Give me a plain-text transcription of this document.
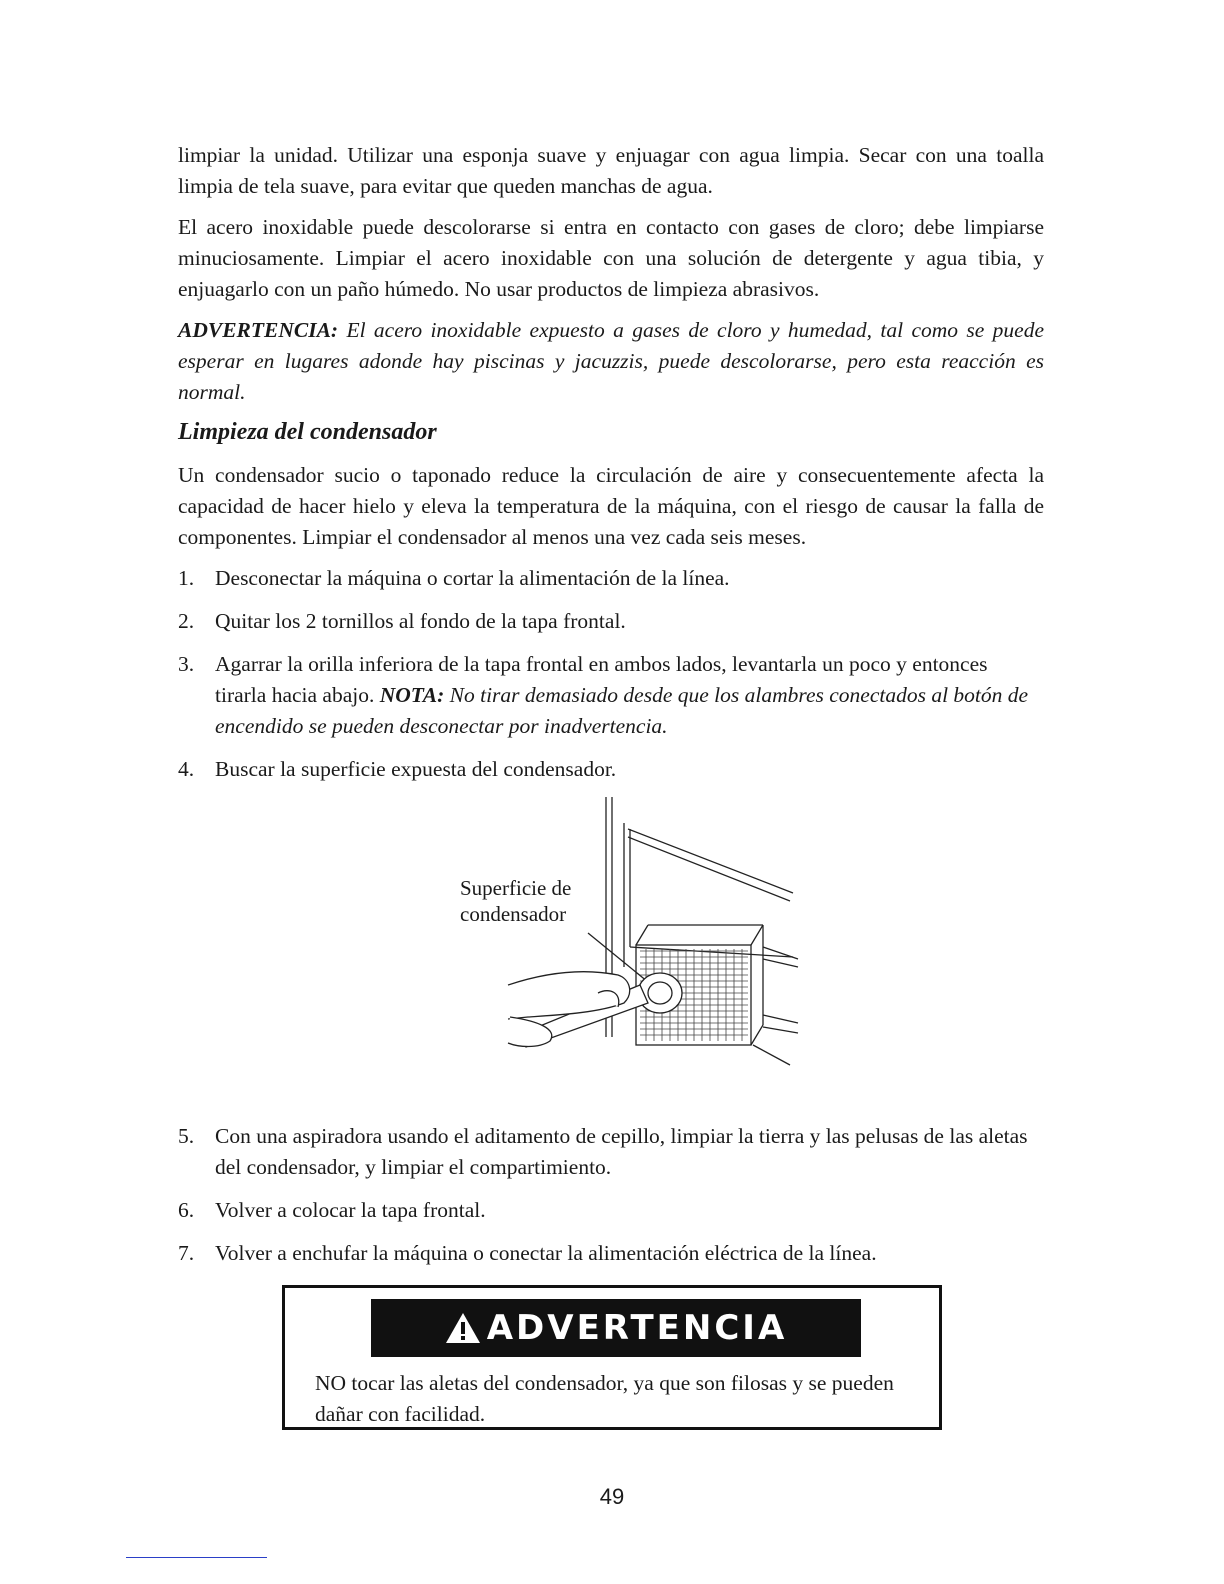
limpiar la unidad. Utilizar una esponja suave y enjuagar con agua limpia. Secar con una toalla limpia de tela suave, para evitar que queden manchas de agua.

El acero inoxidable puede descolorarse si entra en contacto con gases de cloro; debe limpiarse minuciosamente. Limpiar el acero inoxidable con una solución de detergente y agua tibia, y enjuagarlo con un paño húmedo. No usar productos de limpieza abrasivos.

ADVERTENCIA: El acero inoxidable expuesto a gases de cloro y humedad, tal como se puede esperar en lugares adonde hay piscinas y jacuzzis, puede descolorarse, pero esta reacción es normal.

Limpieza del condensador

Un condensador sucio o taponado reduce la circulación de aire y consecuentemente afecta la capacidad de hacer hielo y eleva la temperatura de la máquina, con el riesgo de causar la falla de componentes. Limpiar el condensador al menos una vez cada seis meses.

1. Desconectar la máquina o cortar la alimentación de la línea.
2. Quitar los 2 tornillos al fondo de la tapa frontal.
3. Agarrar la orilla inferiora de la tapa frontal en ambos lados, levantarla un poco y entonces tirarla hacia abajo. NOTA: No tirar demasiado desde que los alambres conectados al botón de encendido se pueden desconectar por inadvertencia.
4. Buscar la superficie expuesta del condensador.
Superficie de
condensador
5. Con una aspiradora usando el aditamento de cepillo, limpiar la tierra y las pelusas de las aletas del condensador, y limpiar el compartimiento.
6. Volver a colocar la tapa frontal.
7. Volver a enchufar la máquina o conectar la alimentación eléctrica de la línea.
ADVERTENCIA
NO tocar las aletas del condensador, ya que son filosas y se pueden dañar con facilidad.
49
